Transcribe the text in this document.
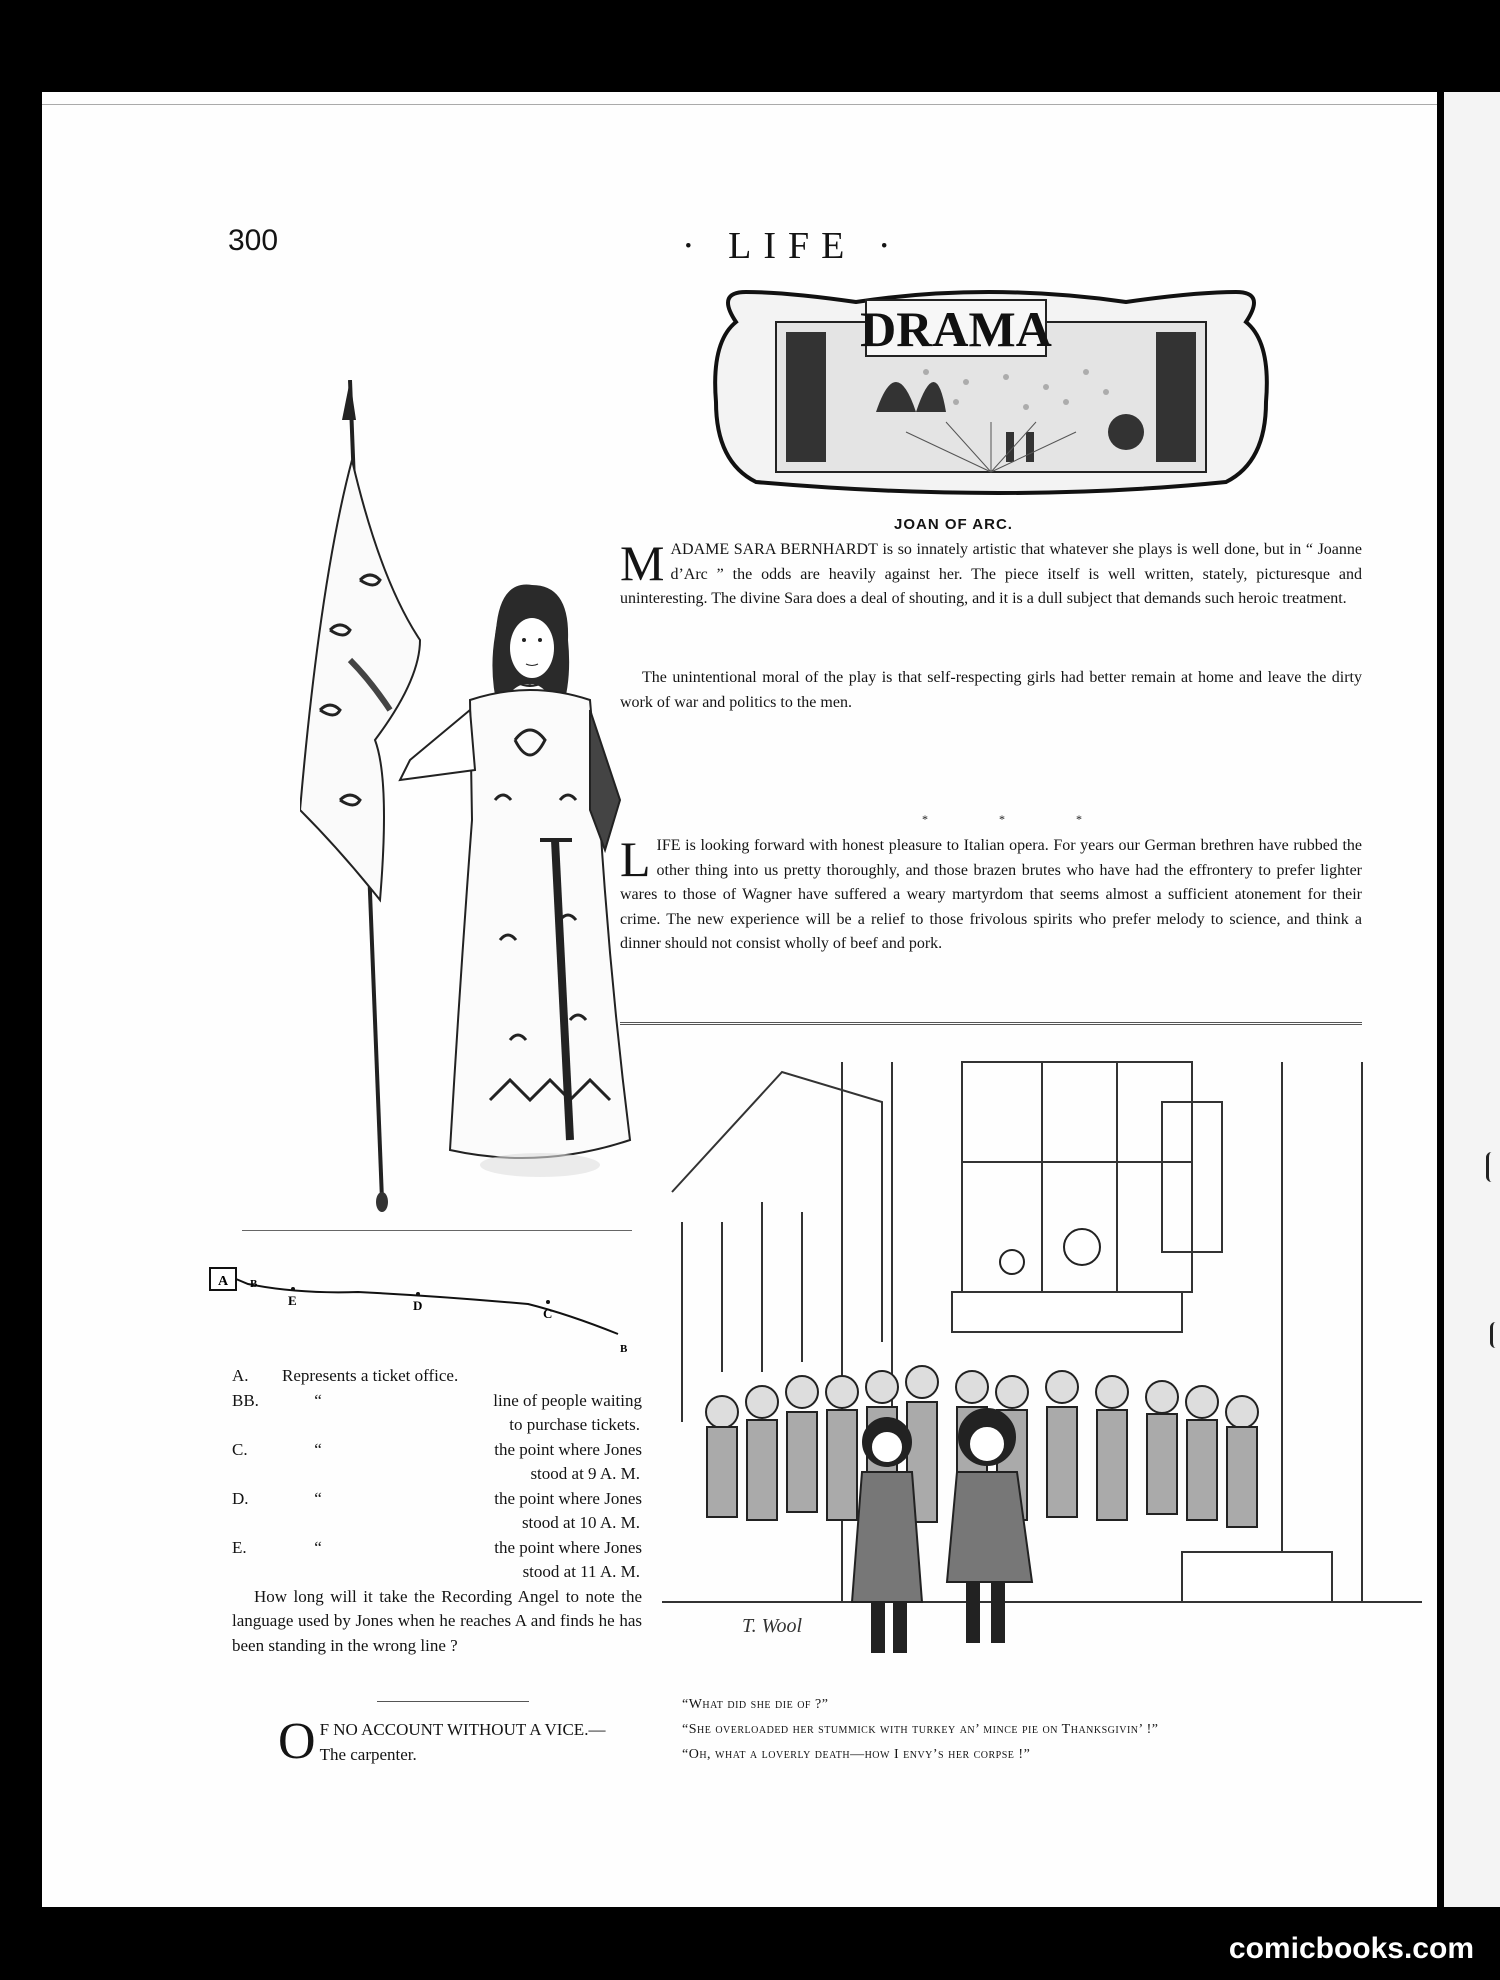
300	· LIFE ·
DRAMA
JOAN OF ARC.

MADAME SARA BERNHARDT is so innately artistic that whatever she plays is well done, but in “ Joanne d’Arc ” the odds are heavily against her. The piece itself is well written, stately, picturesque and uninteresting. The divine Sara does a deal of shouting, and it is a dull subject that demands such heroic treatment.

The unintentional moral of the play is that self-respecting girls had better remain at home and leave the dirty work of war and politics to the men.
* * *

LIFE is looking forward with honest pleasure to Italian opera. For years our German brethren have rubbed the other thing into us pretty thoroughly, and those brazen brutes who have had the effrontery to prefer lighter wares to those of Wagner have suffered a weary martyrdom that seems almost a sufficient atonement for their crime. The new experience will be a relief to those frivolous spirits who prefer melody to science, and think a dinner should not consist wholly of beef and pork.

T. Wool
“What did she die of ?”
“She overloaded her stummick with turkey an’ mince pie on Thanksgivin’ !”
“Oh, what a loverly death—how I envy’s her corpse !”
A B
E	D
C
B
A.	Represents a ticket office.
BB.	“	line of people waiting
to purchase tickets.
C.	“	the point where Jones
stood at 9 A. M.
D.	“	the point where Jones
stood at 10 A. M.
E.	“	the point where Jones
stood at 11 A. M.
How long will it take the Recording Angel to note the language used by Jones when he reaches A and finds he has been standing in the wrong line ?
O F NO ACCOUNT WITHOUT A VICE.—
The carpenter.
comicbooks.com
